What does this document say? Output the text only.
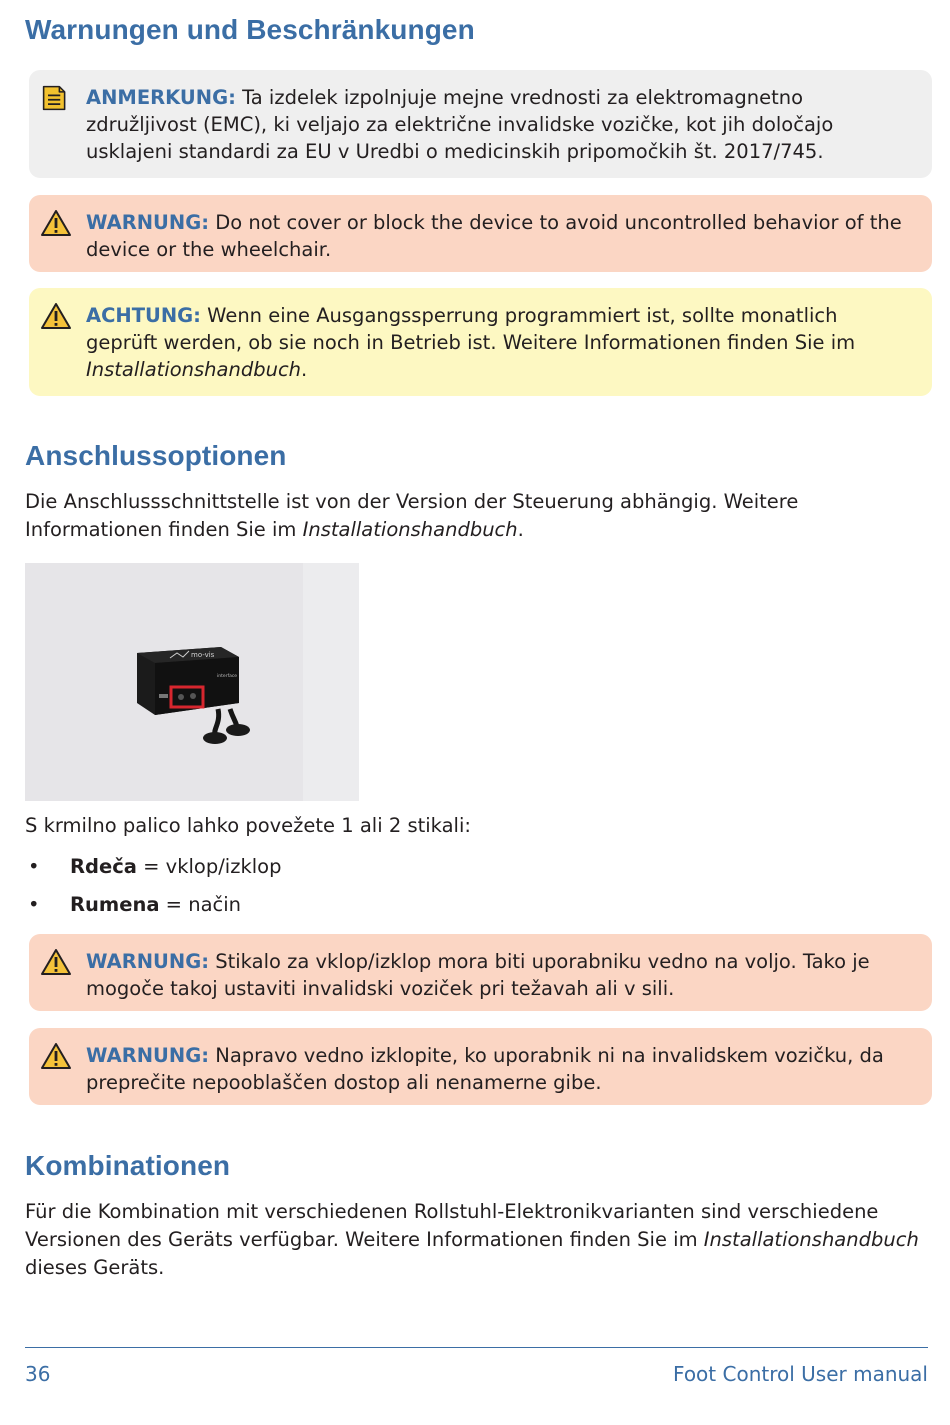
Warnungen und Beschränkungen
ANMERKUNG: Ta izdelek izpolnjuje mejne vrednosti za elektromagnetno združljivost (EMC), ki veljajo za električne invalidske vozičke, kot jih določajo usklajeni standardi za EU v Uredbi o medicinskih pripomočkih št. 2017/745.
WARNUNG: Do not cover or block the device to avoid uncontrolled behavior of the device or the wheelchair.
ACHTUNG: Wenn eine Ausgangssperrung programmiert ist, sollte monatlich geprüft werden, ob sie noch in Betrieb ist. Weitere Informationen finden Sie im Installationshandbuch.
Anschlussoptionen
Die Anschlussschnittstelle ist von der Version der Steuerung abhängig. Weitere Informationen finden Sie im Installationshandbuch.
mo-vis
interface
S krmilno palico lahko povežete 1 ali 2 stikali:
• Rdeča = vklop/izklop
• Rumena = način
WARNUNG: Stikalo za vklop/izklop mora biti uporabniku vedno na voljo. Tako je mogoče takoj ustaviti invalidski voziček pri težavah ali v sili.
WARNUNG: Napravo vedno izklopite, ko uporabnik ni na invalidskem vozičku, da preprečite nepooblaščen dostop ali nenamerne gibe.
Kombinationen
Für die Kombination mit verschiedenen Rollstuhl-Elektronikvarianten sind verschiedene Versionen des Geräts verfügbar. Weitere Informationen finden Sie im Installationshandbuch dieses Geräts.
36	Foot Control User manual
